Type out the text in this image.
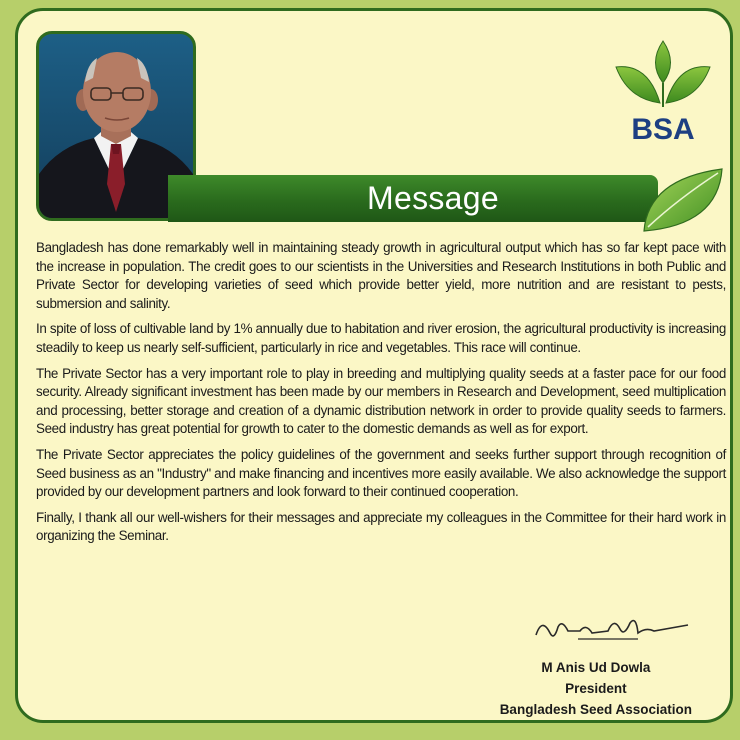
Message
BSA

Bangladesh has done remarkably well in maintaining steady growth in agricultural output which has so far kept pace with the increase in population. The credit goes to our scientists in the Universities and Research Institutions in both Public and Private Sector for developing varieties of seed which provide better yield, more nutrition and are resistant to pests, submersion and salinity.

In spite of loss of cultivable land by 1% annually due to habitation and river erosion, the agricultural productivity is increasing steadily to keep us nearly self-sufficient, particularly in rice and vegetables. This race will continue.

The Private Sector has a very important role to play in breeding and multiplying quality seeds at a faster pace for our food security. Already significant investment has been made by our members in Research and Development, seed multiplication and processing, better storage and creation of a dynamic distribution network in order to provide quality seeds to farmers. Seed industry has great potential for growth to cater to the domestic demands as well as for export.

The Private Sector appreciates the policy guidelines of the government and seeks further support through recognition of Seed business as an "Industry" and make financing and incentives more easily available. We also acknowledge the support provided by our development partners and look forward to their continued cooperation.

Finally, I thank all our well-wishers for their messages and appreciate my colleagues in the Committee for their hard work in organizing the Seminar.

M Anis Ud Dowla
President
Bangladesh Seed Association
